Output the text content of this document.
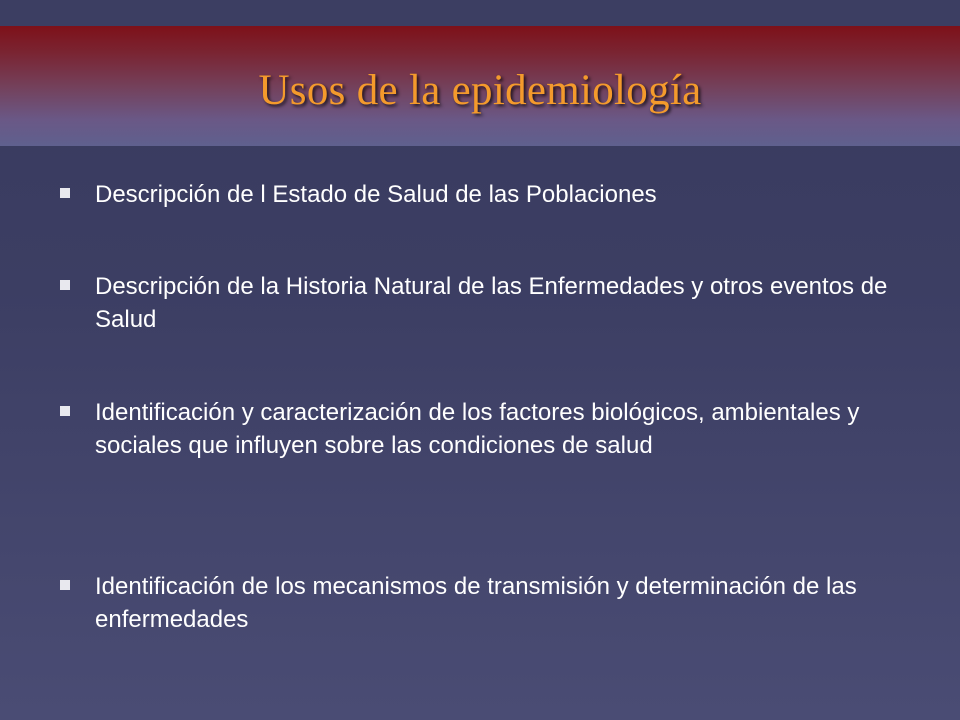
Usos de la epidemiología
Descripción de l Estado de Salud de las Poblaciones
Descripción de la Historia Natural de las Enfermedades y otros eventos de Salud
Identificación y caracterización de los factores biológicos, ambientales y sociales que influyen sobre las condiciones de salud
Identificación de los mecanismos de transmisión y determinación de las enfermedades
